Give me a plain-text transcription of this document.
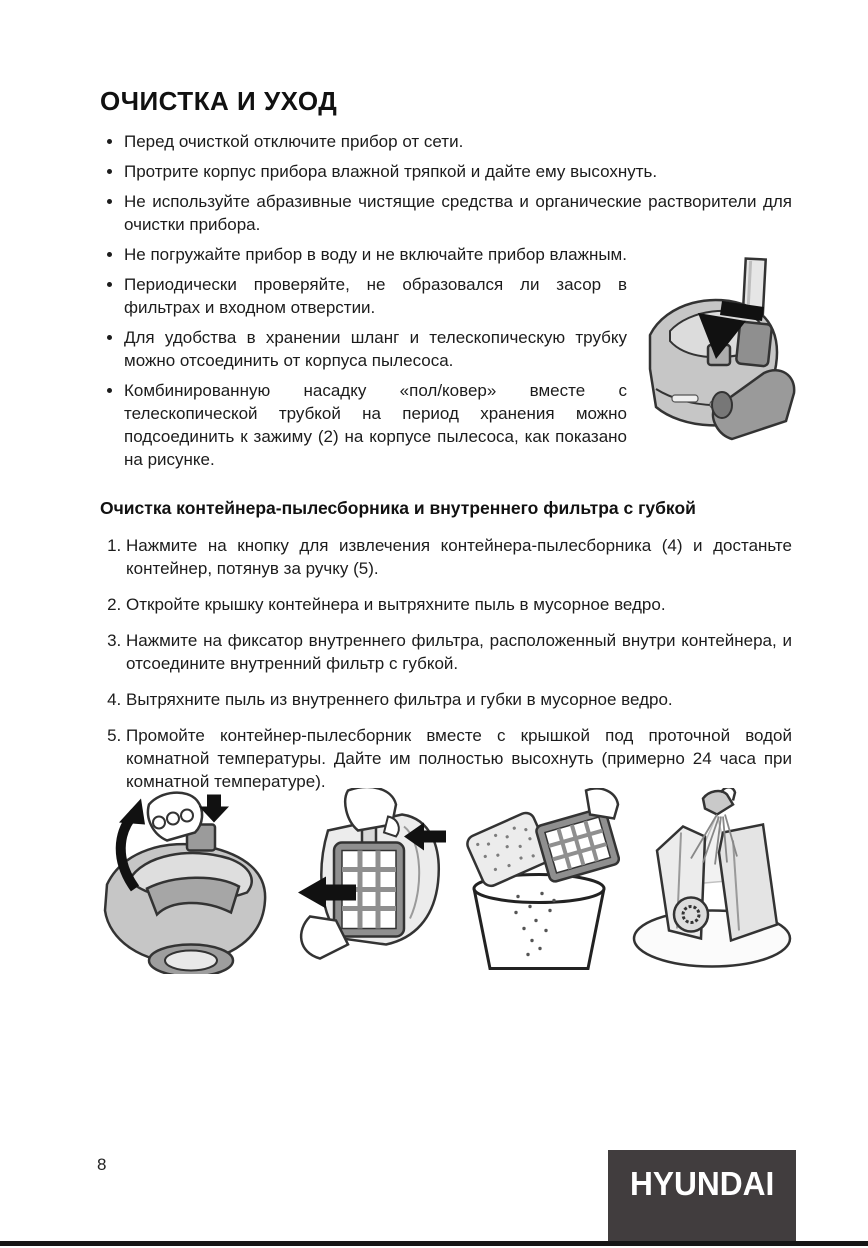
ОЧИСТКА И УХОД
• Перед очисткой отключите прибор от сети.
• Протрите корпус прибора влажной тряпкой и дайте ему высохнуть.
• Не используйте абразивные чистящие средства и органические растворители для очистки прибора.
• Не погружайте прибор в воду и не включайте прибор влажным.
• Периодически проверяйте, не образовался ли засор в фильтрах и входном отверстии.
• Для удобства в хранении шланг и телескопическую трубку можно отсоединить от корпуса пылесоса.
• Комбинированную насадку «пол/ковер» вместе с телескопической трубкой на период хранения можно подсоединить к зажиму (2) на корпусе пылесоса, как показано на рисунке.
Очистка контейнера-пылесборника и внутреннего фильтра с губкой
1. Нажмите на кнопку для извлечения контейнера-пылесборника (4) и достаньте контейнер, потянув за ручку (5).
2. Откройте крышку контейнера и вытряхните пыль в мусорное ведро.
3. Нажмите на фиксатор внутреннего фильтра, расположенный внутри контейнера, и отсоедините внутренний фильтр с губкой.
4. Вытряхните пыль из внутреннего фильтра и губки в мусорное ведро.
5. Промойте контейнер-пылесборник вместе с крышкой под проточной водой комнатной температуры. Дайте им полностью высохнуть (примерно 24 часа при комнатной температуре).
8
HYUNDAI
